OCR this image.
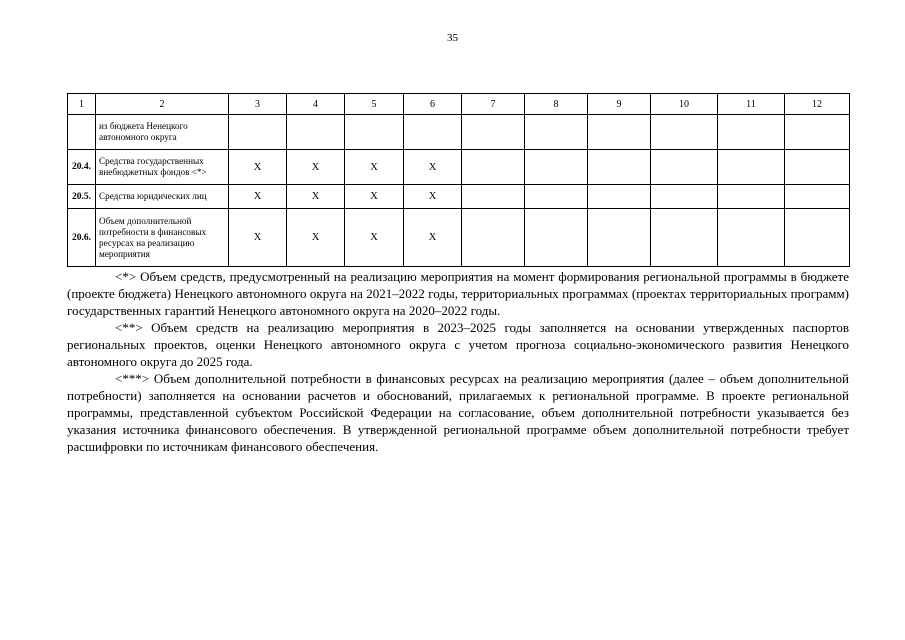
35
1	2	3	4	5	6	7	8	9	10	11	12
	из бюджета Ненецкого автономного округа										
20.4.	Средства государственных внебюджетных фондов <*>	X	X	X	X						
20.5.	Средства юридических лиц	X	X	X	X						
20.6.	Объем дополнительной потребности в финансовых ресурсах на реализацию мероприятия	X	X	X	X						

<*> Объем средств, предусмотренный на реализацию мероприятия на момент формирования региональной программы в бюджете (проекте бюджета) Ненецкого автономного округа на 2021–2022 годы, территориальных программах (проектах территориальных программ) государственных гарантий Ненецкого автономного округа на 2020–2022 годы.

<**> Объем средств на реализацию мероприятия в 2023–2025 годы заполняется на основании утвержденных паспортов региональных проектов, оценки Ненецкого автономного округа с учетом прогноза социально-экономического развития Ненецкого автономного округа до 2025 года.

<***> Объем дополнительной потребности в финансовых ресурсах на реализацию мероприятия (далее – объем дополнительной потребности) заполняется на основании расчетов и обоснований, прилагаемых к региональной программе. В проекте региональной программы, представленной субъектом Российской Федерации на согласование, объем дополнительной потребности указывается без указания источника финансового обеспечения. В утвержденной региональной программе объем дополнительной потребности требует расшифровки по источникам финансового обеспечения.
